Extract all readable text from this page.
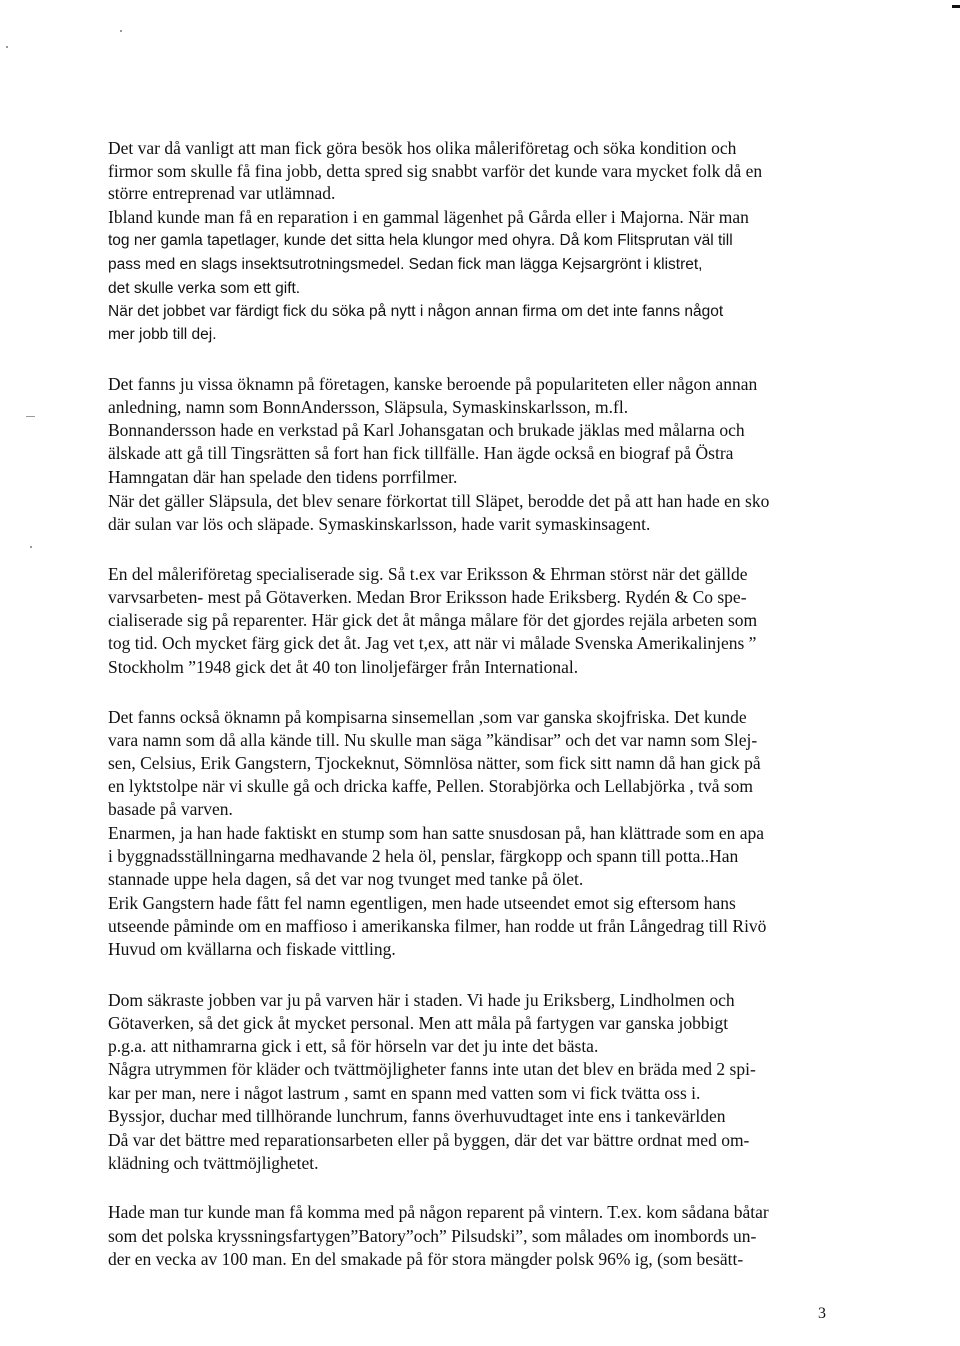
Det var då vanligt att man fick göra besök hos olika måleriföretag och söka kondition och
firmor som skulle få fina jobb, detta spred sig snabbt varför det kunde vara mycket folk då en
större entreprenad var utlämnad.
Ibland kunde man få en reparation i en gammal lägenhet på Gårda eller i Majorna. När man
tog ner gamla tapetlager, kunde det sitta hela klungor med ohyra. Då kom Flitsprutan väl till
pass med en slags insektsutrotningsmedel. Sedan fick man lägga Kejsargrönt i klistret,
det skulle verka som ett gift.
När det jobbet var färdigt fick du söka på nytt i någon annan firma om det inte fanns något
mer jobb till dej.
Det fanns ju vissa öknamn på företagen, kanske beroende på populariteten eller någon annan
anledning, namn som BonnAndersson, Släpsula, Symaskinskarlsson, m.fl.
Bonnandersson hade en verkstad på Karl Johansgatan och brukade jäklas med målarna och
älskade att gå till Tingsrätten så fort han fick tillfälle. Han ägde också en biograf på Östra
Hamngatan där han spelade den tidens porrfilmer.
När det gäller Släpsula, det blev senare förkortat till Släpet, berodde det på att han hade en sko
där sulan var lös och släpade. Symaskinskarlsson, hade varit symaskinsagent.
En del måleriföretag specialiserade sig. Så t.ex var Eriksson & Ehrman störst när det gällde
varvsarbeten- mest på Götaverken. Medan Bror Eriksson hade Eriksberg. Rydén & Co spe-
cialiserade sig på reparenter. Här gick det åt många målare för det gjordes rejäla arbeten som
tog tid. Och mycket färg gick det åt. Jag vet t,ex, att när vi målade Svenska Amerikalinjens ”
Stockholm ”1948 gick det åt 40 ton linoljefärger från International.
Det fanns också öknamn på kompisarna sinsemellan ,som var ganska skojfriska. Det kunde
vara namn som då alla kände till. Nu skulle man säga ”kändisar” och det var namn som Slej-
sen, Celsius, Erik Gangstern, Tjockeknut, Sömnlösa nätter, som fick sitt namn då han gick på
en lyktstolpe när vi skulle gå och dricka kaffe, Pellen. Storabjörka och Lellabjörka , två som
basade på varven.
Enarmen, ja han hade faktiskt en stump som han satte snusdosan på, han klättrade som en apa
i byggnadsställningarna medhavande 2 hela öl, penslar, färgkopp och spann till potta..Han
stannade uppe hela dagen, så det var nog tvunget med tanke på ölet.
Erik Gangstern hade fått fel namn egentligen, men hade utseendet emot sig eftersom hans
utseende påminde om en maffioso i amerikanska filmer, han rodde ut från Långedrag till Rivö
Huvud om kvällarna och fiskade vittling.
Dom säkraste jobben var ju på varven här i staden. Vi hade ju Eriksberg, Lindholmen och
Götaverken, så det gick åt mycket personal. Men att måla på fartygen var ganska jobbigt
p.g.a. att nithamrarna gick i ett, så för hörseln var det ju inte det bästa.
Några utrymmen för kläder och tvättmöjligheter fanns inte utan det blev en bräda med 2 spi-
kar per man, nere i något lastrum , samt en spann med vatten som vi fick tvätta oss i.
Byssjor, duchar med tillhörande lunchrum, fanns överhuvudtaget inte ens i tankevärlden
Då var det bättre med reparationsarbeten eller på byggen, där det var bättre ordnat med om-
klädning och tvättmöjlighetet.
Hade man tur kunde man få komma med på någon reparent på vintern. T.ex. kom sådana båtar
som det polska kryssningsfartygen”Batory”och” Pilsudski”, som målades om inombords un-
der en vecka av 100 man. En del smakade på för stora mängder polsk 96% ig, (som besätt-
3
